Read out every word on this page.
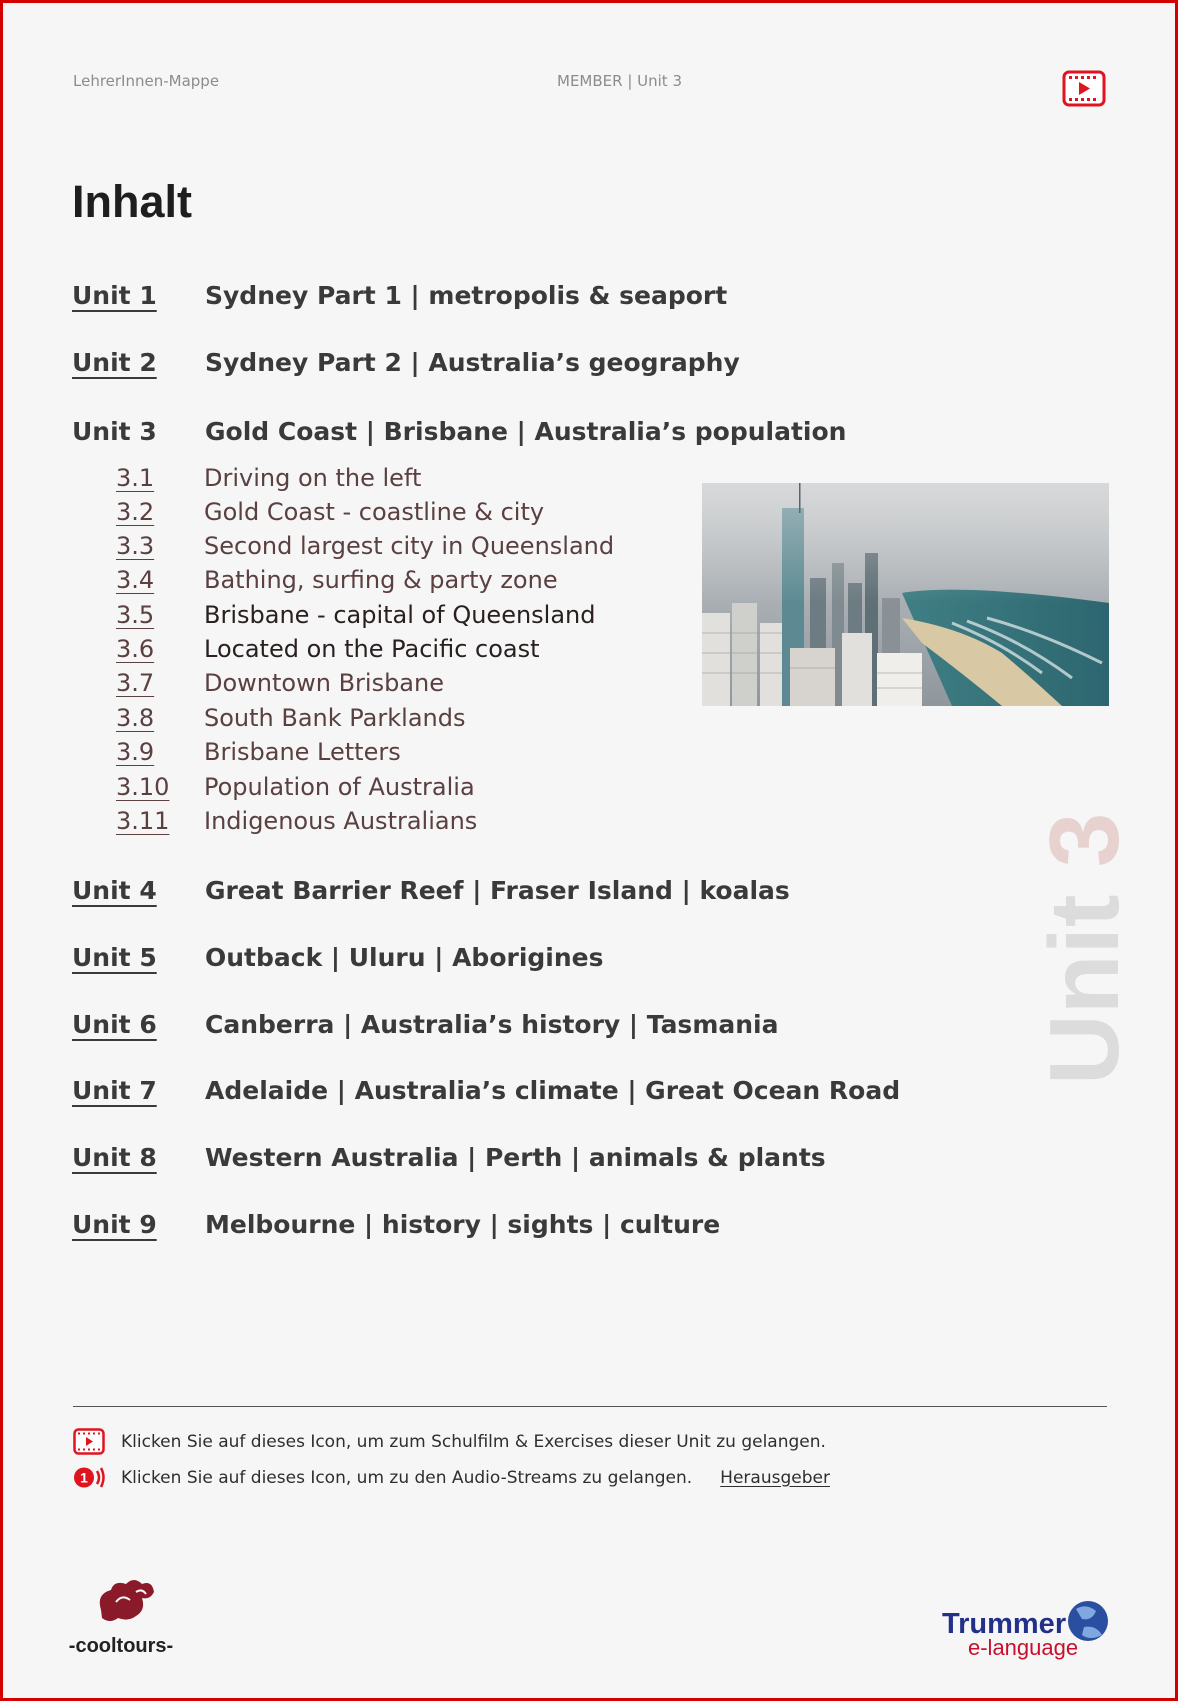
LehrerInnen-Mappe	MEMBER | Unit 3
Inhalt
Unit 1 Sydney Part 1 | metropolis & seaport
Unit 2 Sydney Part 2 | Australia’s geography
Unit 3 Gold Coast | Brisbane | Australia’s population
3.1 Driving on the left
3.2 Gold Coast - coastline & city
3.3 Second largest city in Queensland
3.4 Bathing, surfing & party zone
3.5 Brisbane - capital of Queensland
3.6 Located on the Pacific coast
3.7 Downtown Brisbane
3.8 South Bank Parklands
3.9 Brisbane Letters
3.10 Population of Australia
3.11 Indigenous Australians
Unit 4 Great Barrier Reef | Fraser Island | koalas
Unit 5 Outback | Uluru | Aborigines
Unit 6 Canberra | Australia’s history | Tasmania
Unit 7 Adelaide | Australia’s climate | Great Ocean Road
Unit 8 Western Australia | Perth | animals & plants
Unit 9 Melbourne | history | sights | culture
Unit 3
Klicken Sie auf dieses Icon, um zum Schulfilm & Exercises dieser Unit zu gelangen.
1 Klicken Sie auf dieses Icon, um zu den Audio-Streams zu gelangen. Herausgeber
-cooltours-
Trummer
e-language
